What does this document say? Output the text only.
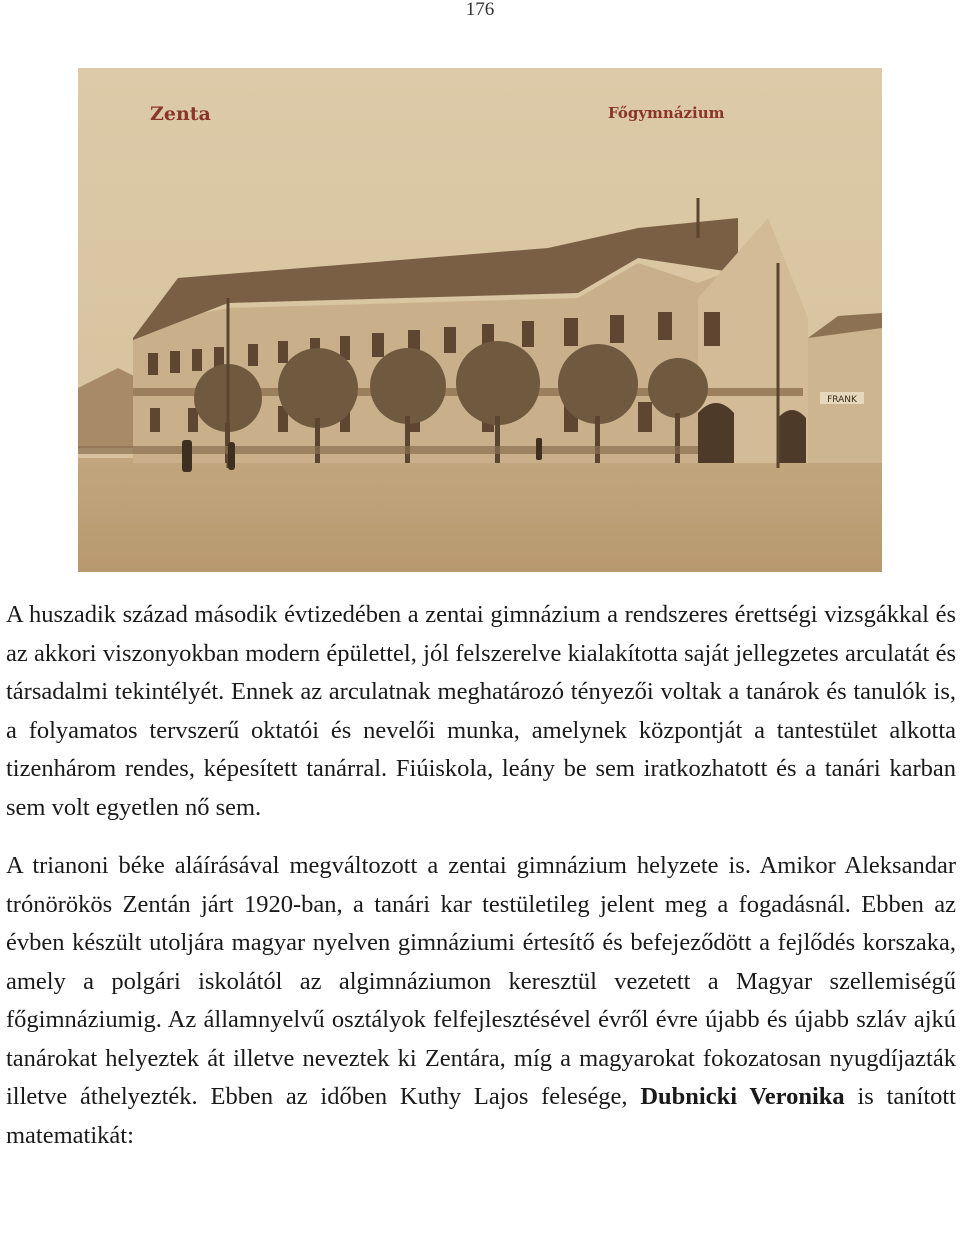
176
FRANK
Zenta	Főgymnázium

A huszadik század második évtizedében a zentai gimnázium a rendszeres érettségi vizsgákkal és az akkori viszonyokban modern épülettel, jól felszerelve kialakította saját jellegzetes arculatát és társadalmi tekintélyét. Ennek az arculatnak meghatározó tényezői voltak a tanárok és tanulók is, a folyamatos tervszerű oktatói és nevelői munka, amelynek központját a tantestület alkotta tizenhárom rendes, képesített tanárral. Fiúiskola, leány be sem iratkozhatott és a tanári karban sem volt egyetlen nő sem.

A trianoni béke aláírásával megváltozott a zentai gimnázium helyzete is. Amikor Aleksandar trónörökös Zentán járt 1920-ban, a tanári kar testületileg jelent meg a fogadásnál. Ebben az évben készült utoljára magyar nyelven gimnáziumi értesítő és befejeződött a fejlődés korszaka, amely a polgári iskolától az algimnáziumon keresztül vezetett a Magyar szellemiségű főgimnáziumig. Az államnyelvű osztályok felfejlesztésével évről évre újabb és újabb szláv ajkú tanárokat helyeztek át illetve neveztek ki Zentára, míg a magyarokat fokozatosan nyugdíjazták illetve áthelyezték. Ebben az időben Kuthy Lajos felesége, Dubnicki Veronika is tanított matematikát:
